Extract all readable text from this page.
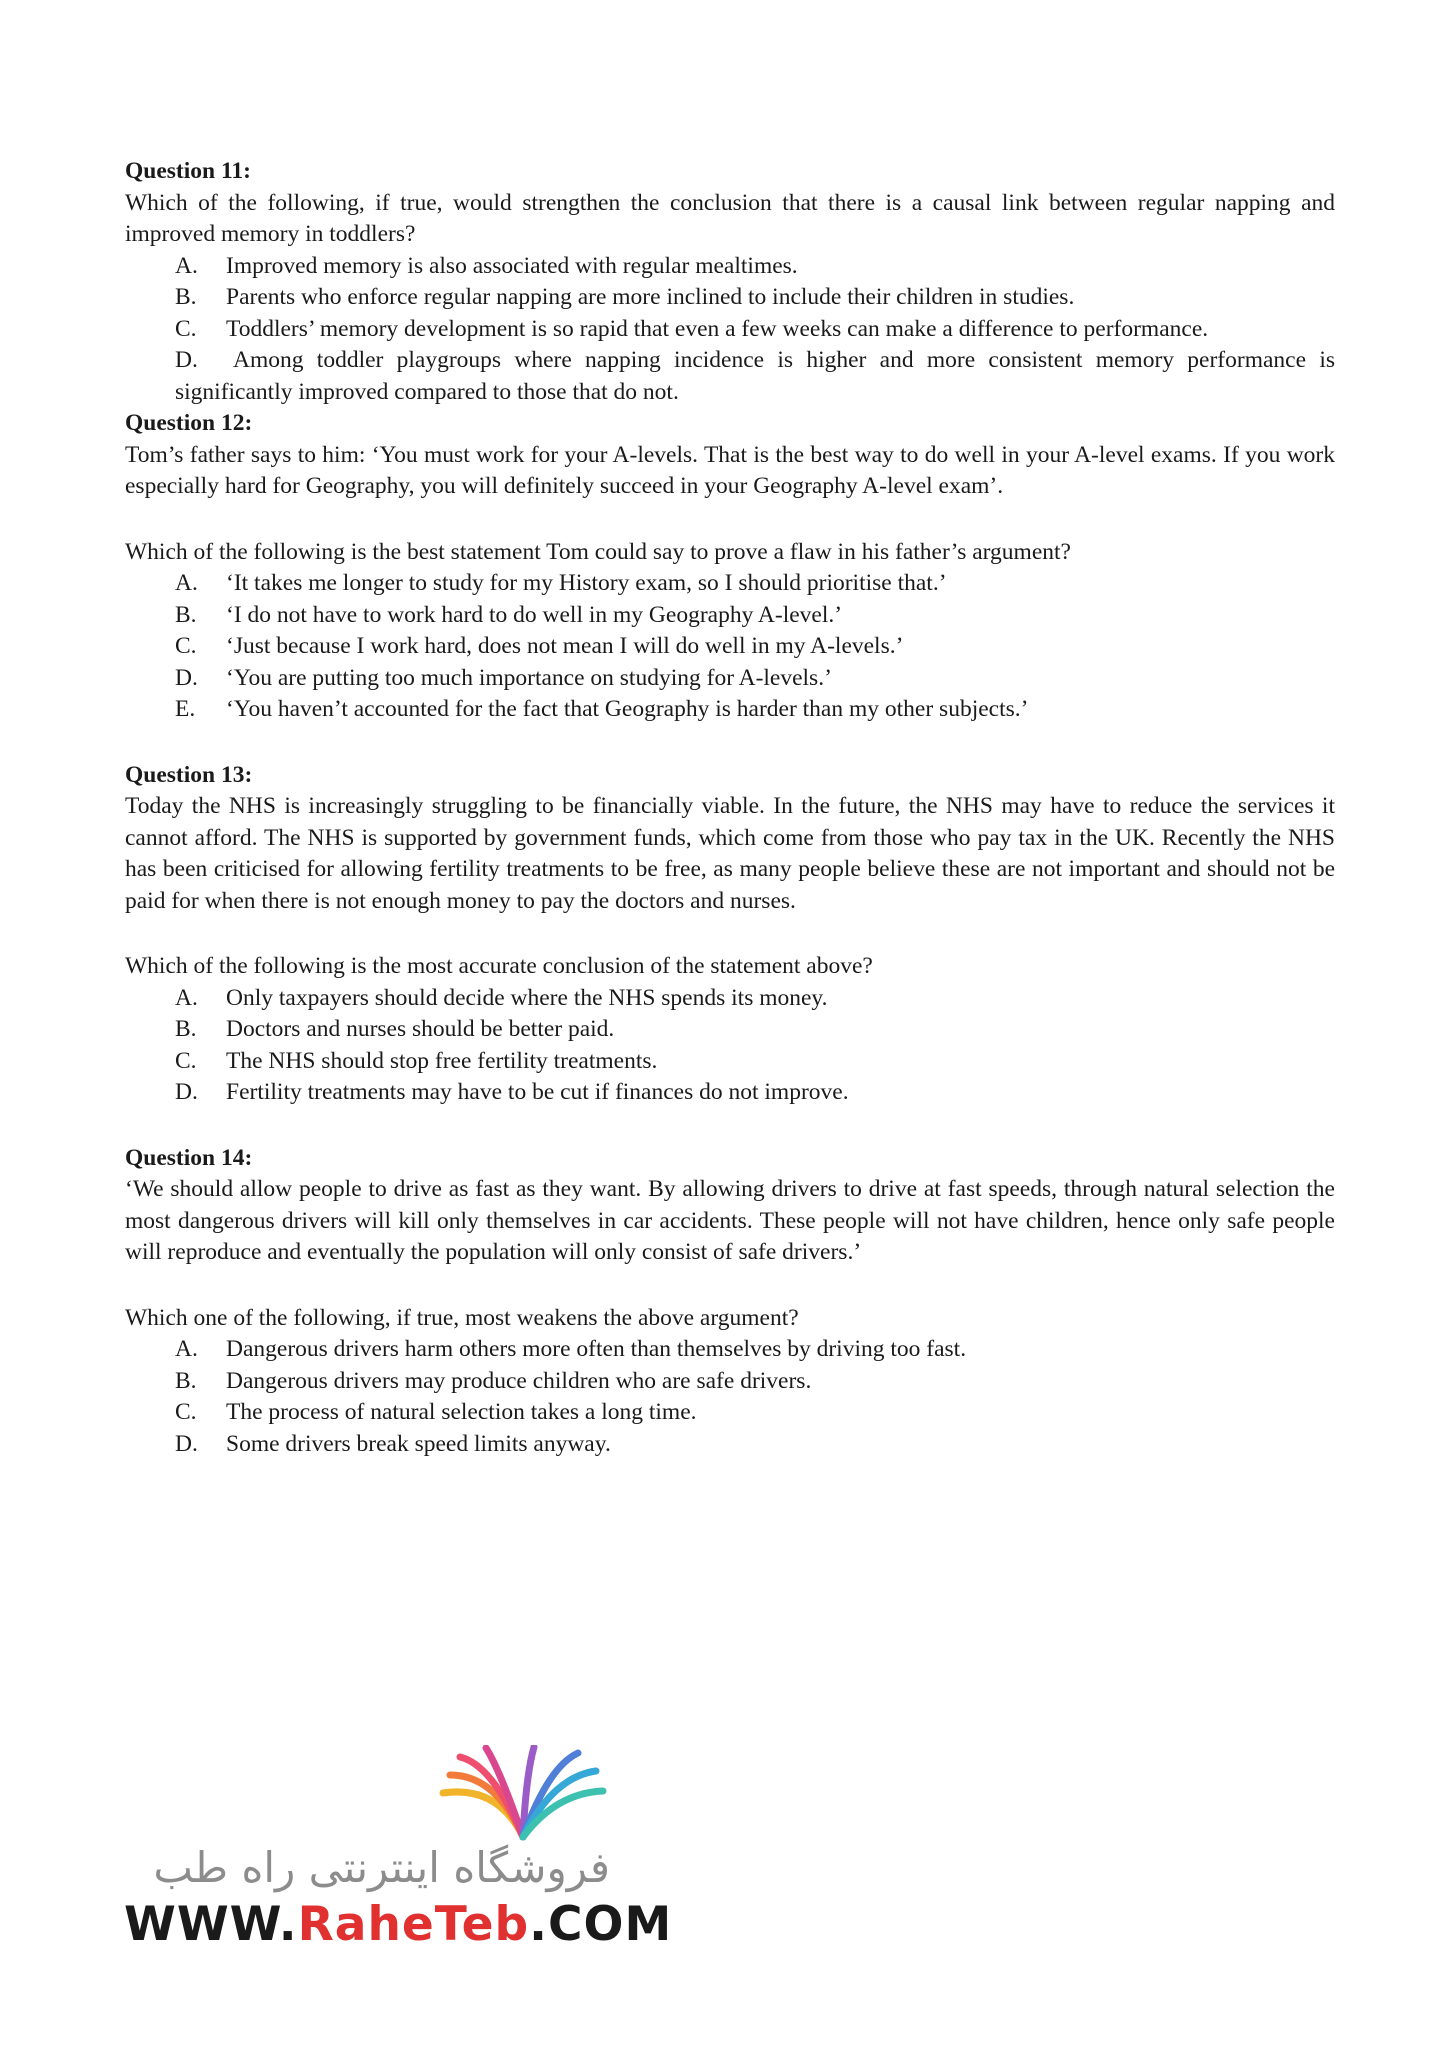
Question 11:

Which of the following, if true, would strengthen the conclusion that there is a causal link between regular napping and improved memory in toddlers?

A.	Improved memory is also associated with regular mealtimes.
B.	Parents who enforce regular napping are more inclined to include their children in studies.
C.	Toddlers’ memory development is so rapid that even a few weeks can make a difference to performance.
D. Among toddler playgroups where napping incidence is higher and more consistent memory performance is significantly improved compared to those that do not.

Question 12:

Tom’s father says to him: ‘You must work for your A-levels. That is the best way to do well in your A-level exams. If you work especially hard for Geography, you will definitely succeed in your Geography A-level exam’.

Which of the following is the best statement Tom could say to prove a flaw in his father’s argument?

A.	‘It takes me longer to study for my History exam, so I should prioritise that.’
B.	‘I do not have to work hard to do well in my Geography A-level.’
C.	‘Just because I work hard, does not mean I will do well in my A-levels.’
D.	‘You are putting too much importance on studying for A-levels.’
E.	‘You haven’t accounted for the fact that Geography is harder than my other subjects.’

Question 13:

Today the NHS is increasingly struggling to be financially viable. In the future, the NHS may have to reduce the services it cannot afford. The NHS is supported by government funds, which come from those who pay tax in the UK. Recently the NHS has been criticised for allowing fertility treatments to be free, as many people believe these are not important and should not be paid for when there is not enough money to pay the doctors and nurses.

Which of the following is the most accurate conclusion of the statement above?

A.	Only taxpayers should decide where the NHS spends its money.
B.	Doctors and nurses should be better paid.
C.	The NHS should stop free fertility treatments.
D.	Fertility treatments may have to be cut if finances do not improve.

Question 14:

‘We should allow people to drive as fast as they want. By allowing drivers to drive at fast speeds, through natural selection the most dangerous drivers will kill only themselves in car accidents. These people will not have children, hence only safe people will reproduce and eventually the population will only consist of safe drivers.’

Which one of the following, if true, most weakens the above argument?

A.	Dangerous drivers harm others more often than themselves by driving too fast.
B.	Dangerous drivers may produce children who are safe drivers.
C.	The process of natural selection takes a long time.
D.	Some drivers break speed limits anyway.
فروشگاه اینترنتی راه طب
WWW.RaheTeb.COM
